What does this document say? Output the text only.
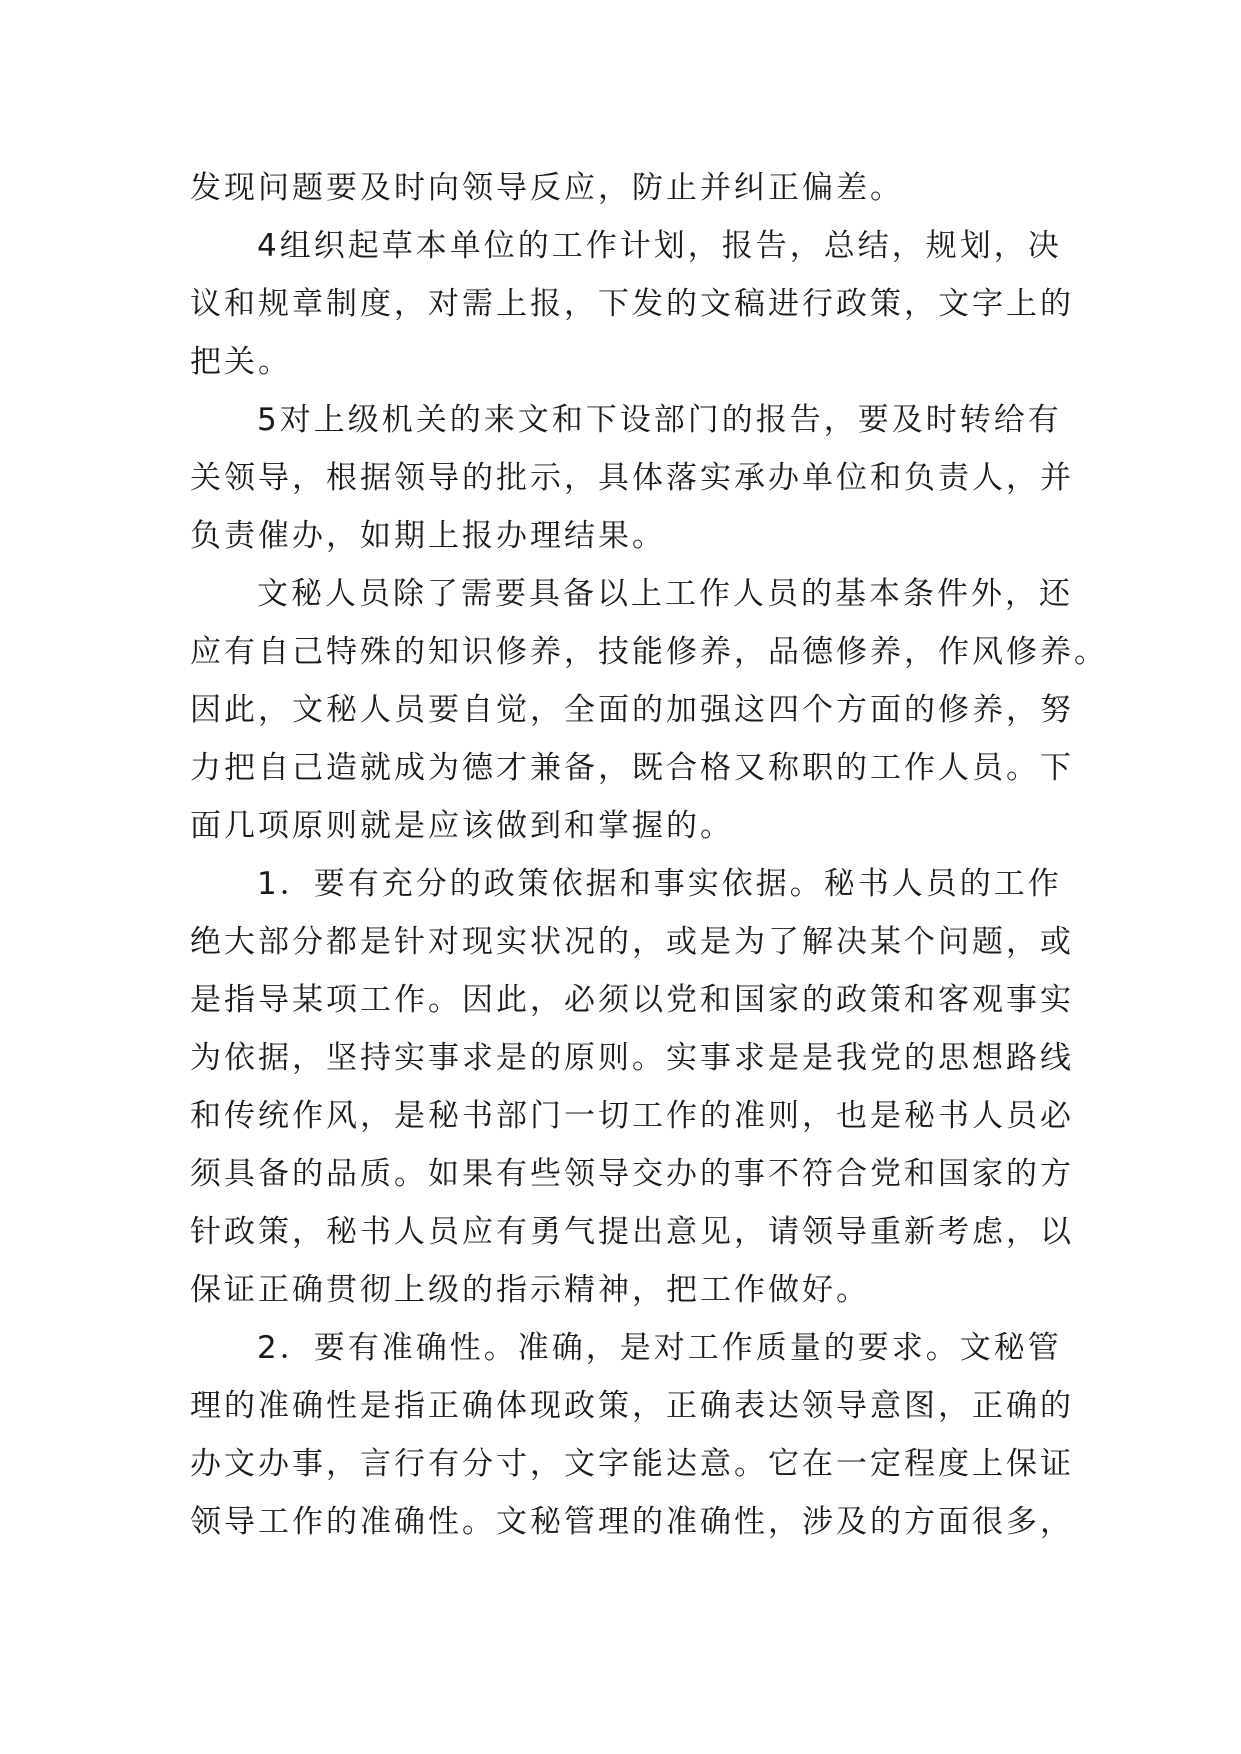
发现问题要及时向领导反应，防止并纠正偏差。
4组织起草本单位的工作计划，报告，总结，规划，决
议和规章制度，对需上报，下发的文稿进行政策，文字上的
把关。
5对上级机关的来文和下设部门的报告，要及时转给有
关领导，根据领导的批示，具体落实承办单位和负责人，并
负责催办，如期上报办理结果。
文秘人员除了需要具备以上工作人员的基本条件外，还
应有自己特殊的知识修养，技能修养，品德修养，作风修养。
因此，文秘人员要自觉，全面的加强这四个方面的修养，努
力把自己造就成为德才兼备，既合格又称职的工作人员。下
面几项原则就是应该做到和掌握的。
1．要有充分的政策依据和事实依据。秘书人员的工作
绝大部分都是针对现实状况的，或是为了解决某个问题，或
是指导某项工作。因此，必须以党和国家的政策和客观事实
为依据，坚持实事求是的原则。实事求是是我党的思想路线
和传统作风，是秘书部门一切工作的准则，也是秘书人员必
须具备的品质。如果有些领导交办的事不符合党和国家的方
针政策，秘书人员应有勇气提出意见，请领导重新考虑，以
保证正确贯彻上级的指示精神，把工作做好。
2．要有准确性。准确，是对工作质量的要求。文秘管
理的准确性是指正确体现政策，正确表达领导意图，正确的
办文办事，言行有分寸，文字能达意。它在一定程度上保证
领导工作的准确性。文秘管理的准确性，涉及的方面很多，
